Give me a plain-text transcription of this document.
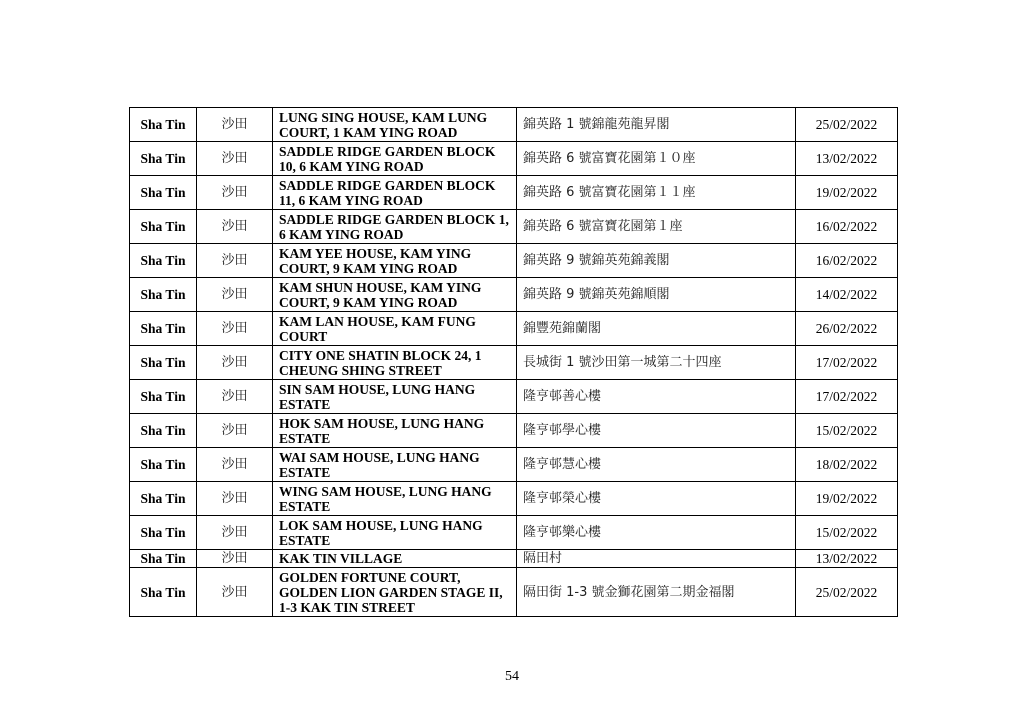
Sha Tin	沙田	LUNG SING HOUSE, KAM LUNG COURT, 1 KAM YING ROAD	錦英路 1 號錦龍苑龍昇閣	25/02/2022
Sha Tin	沙田	SADDLE RIDGE GARDEN BLOCK 10, 6 KAM YING ROAD	錦英路 6 號富寶花園第１０座	13/02/2022
Sha Tin	沙田	SADDLE RIDGE GARDEN BLOCK 11, 6 KAM YING ROAD	錦英路 6 號富寶花園第１１座	19/02/2022
Sha Tin	沙田	SADDLE RIDGE GARDEN BLOCK 1, 6 KAM YING ROAD	錦英路 6 號富寶花園第１座	16/02/2022
Sha Tin	沙田	KAM YEE HOUSE, KAM YING COURT, 9 KAM YING ROAD	錦英路 9 號錦英苑錦義閣	16/02/2022
Sha Tin	沙田	KAM SHUN HOUSE, KAM YING COURT, 9 KAM YING ROAD	錦英路 9 號錦英苑錦順閣	14/02/2022
Sha Tin	沙田	KAM LAN HOUSE, KAM FUNG COURT	錦豐苑錦蘭閣	26/02/2022
Sha Tin	沙田	CITY ONE SHATIN BLOCK 24, 1 CHEUNG SHING STREET	長城街 1 號沙田第一城第二十四座	17/02/2022
Sha Tin	沙田	SIN SAM HOUSE, LUNG HANG ESTATE	隆亨邨善心樓	17/02/2022
Sha Tin	沙田	HOK SAM HOUSE, LUNG HANG ESTATE	隆亨邨學心樓	15/02/2022
Sha Tin	沙田	WAI SAM HOUSE, LUNG HANG ESTATE	隆亨邨慧心樓	18/02/2022
Sha Tin	沙田	WING SAM HOUSE, LUNG HANG ESTATE	隆亨邨榮心樓	19/02/2022
Sha Tin	沙田	LOK SAM HOUSE, LUNG HANG ESTATE	隆亨邨樂心樓	15/02/2022
Sha Tin	沙田	KAK TIN VILLAGE	隔田村	13/02/2022
Sha Tin	沙田	GOLDEN FORTUNE COURT, GOLDEN LION GARDEN STAGE II, 1-3 KAK TIN STREET	隔田街 1-3 號金獅花園第二期金福閣	25/02/2022
54
